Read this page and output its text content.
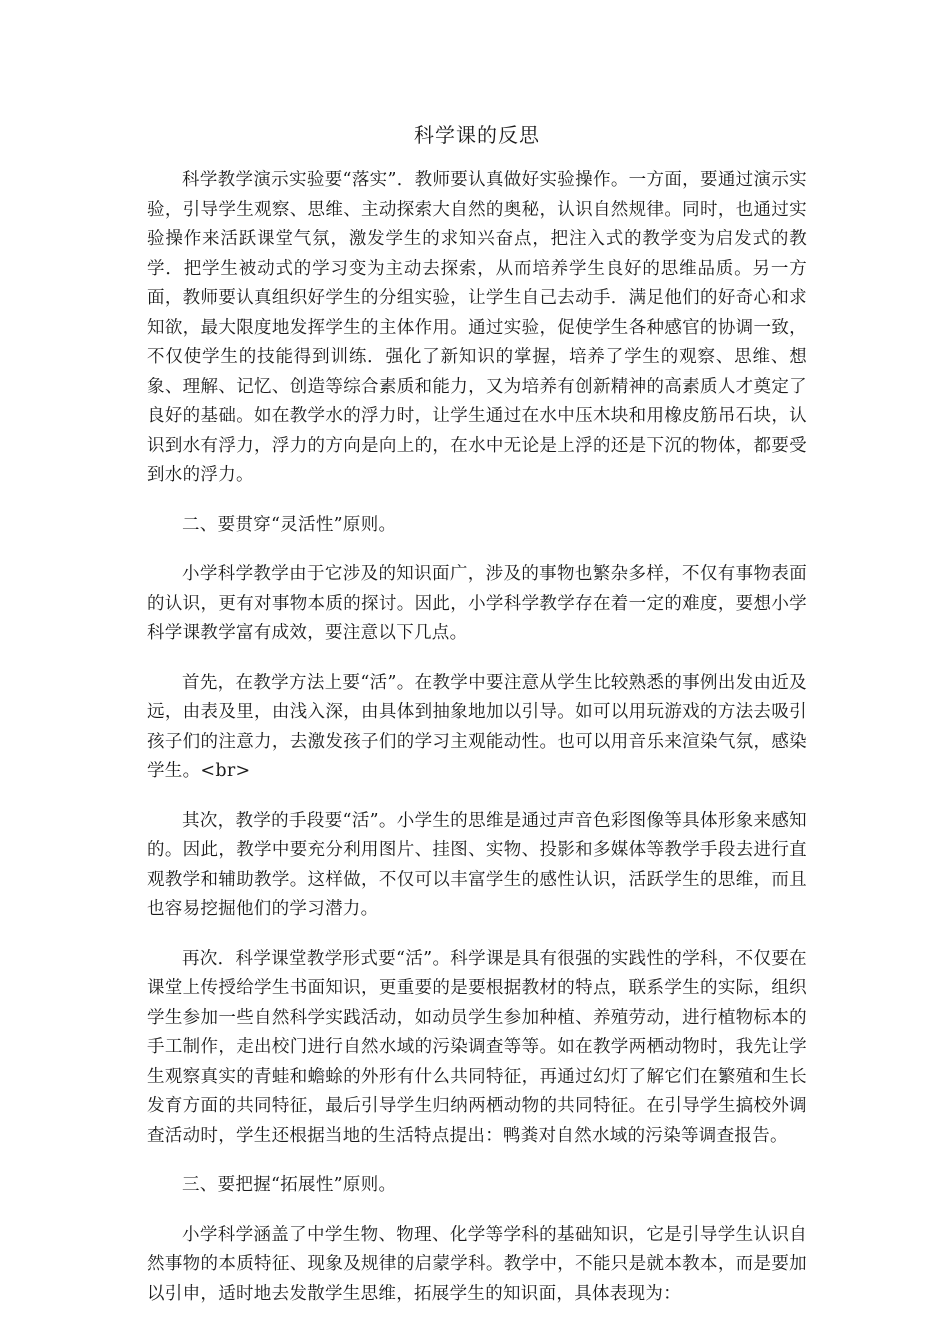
科学课的反思

科学教学演示实验要“落实”．教师要认真做好实验操作。一方面，要通过演示实验，引导学生观察、思维、主动探索大自然的奥秘，认识自然规律。同时，也通过实验操作来活跃课堂气氛，激发学生的求知兴奋点，把注入式的教学变为启发式的教学．把学生被动式的学习变为主动去探索，从而培养学生良好的思维品质。另一方面，教师要认真组织好学生的分组实验，让学生自己去动手．满足他们的好奇心和求知欲，最大限度地发挥学生的主体作用。通过实验，促使学生各种感官的协调一致，不仅使学生的技能得到训练．强化了新知识的掌握，培养了学生的观察、思维、想象、理解、记忆、创造等综合素质和能力，又为培养有创新精神的高素质人才奠定了良好的基础。如在教学水的浮力时，让学生通过在水中压木块和用橡皮筋吊石块，认识到水有浮力，浮力的方向是向上的，在水中无论是上浮的还是下沉的物体，都要受到水的浮力。

二、要贯穿“灵活性”原则。

小学科学教学由于它涉及的知识面广，涉及的事物也繁杂多样，不仅有事物表面的认识，更有对事物本质的探讨。因此，小学科学教学存在着一定的难度，要想小学科学课教学富有成效，要注意以下几点。

首先，在教学方法上要“活”。在教学中要注意从学生比较熟悉的事例出发由近及远，由表及里，由浅入深，由具体到抽象地加以引导。如可以用玩游戏的方法去吸引孩子们的注意力，去激发孩子们的学习主观能动性。也可以用音乐来渲染气氛，感染学生。<br>

其次，教学的手段要“活”。小学生的思维是通过声音色彩图像等具体形象来感知的。因此，教学中要充分利用图片、挂图、实物、投影和多媒体等教学手段去进行直观教学和辅助教学。这样做，不仅可以丰富学生的感性认识，活跃学生的思维，而且也容易挖掘他们的学习潜力。

再次．科学课堂教学形式要“活”。科学课是具有很强的实践性的学科，不仅要在课堂上传授给学生书面知识，更重要的是要根据教材的特点，联系学生的实际，组织学生参加一些自然科学实践活动，如动员学生参加种植、养殖劳动，进行植物标本的手工制作，走出校门进行自然水域的污染调查等等。如在教学两栖动物时，我先让学生观察真实的青蛙和蟾蜍的外形有什么共同特征，再通过幻灯了解它们在繁殖和生长发育方面的共同特征，最后引导学生归纳两栖动物的共同特征。在引导学生搞校外调查活动时，学生还根据当地的生活特点提出：鸭粪对自然水域的污染等调查报告。

三、要把握“拓展性”原则。

小学科学涵盖了中学生物、物理、化学等学科的基础知识，它是引导学生认识自然事物的本质特征、现象及规律的启蒙学科。教学中，不能只是就本教本，而是要加以引申，适时地去发散学生思维，拓展学生的知识面，具体表现为：
